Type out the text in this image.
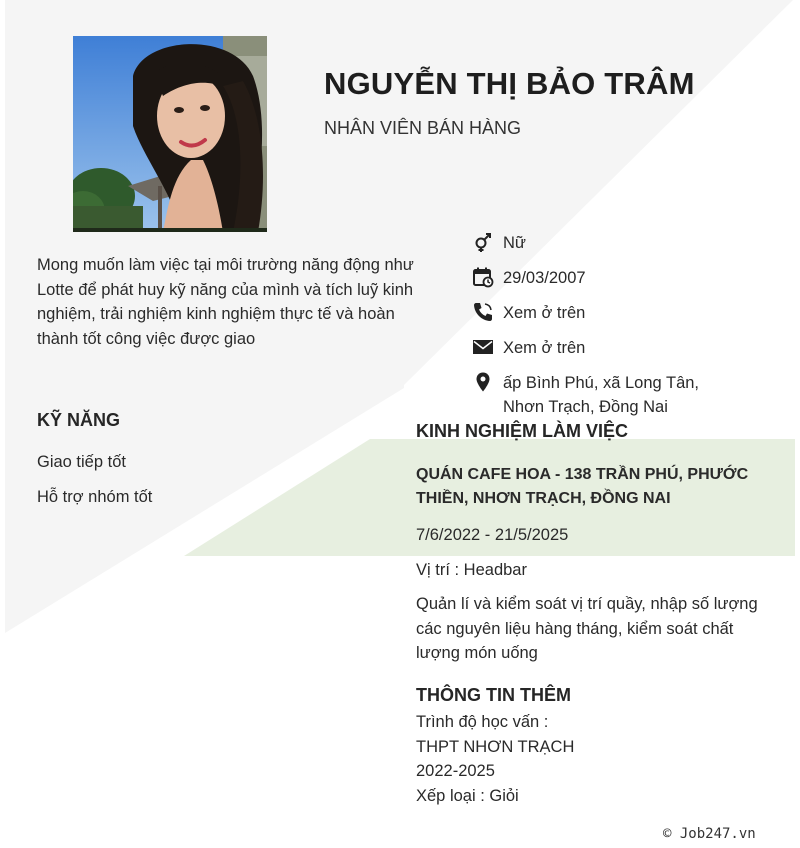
NGUYỄN THỊ BẢO TRÂM
NHÂN VIÊN BÁN HÀNG
Mong muốn làm việc tại môi trường năng động như Lotte để phát huy kỹ năng của mình và tích luỹ kinh nghiệm, trải nghiệm kinh nghiệm thực tế và hoàn thành tốt công việc được giao
Nữ
29/03/2007
Xem ở trên
Xem ở trên
ấp Bình Phú, xã Long Tân,
Nhơn Trạch, Đồng Nai
KỸ NĂNG
Giao tiếp tốt
Hỗ trợ nhóm tốt
KINH NGHIỆM LÀM VIỆC
QUÁN CAFE HOA - 138 TRẦN PHÚ, PHƯỚC
THIỀN, NHƠN TRẠCH, ĐỒNG NAI
7/6/2022 - 21/5/2025
Vị trí : Headbar
Quản lí và kiểm soát vị trí quầy, nhập số lượng các nguyên liệu hàng tháng, kiểm soát chất lượng món uống
THÔNG TIN THÊM
Trình độ học vấn :
THPT NHƠN TRẠCH
2022-2025
Xếp loại : Giỏi
© Job247.vn
